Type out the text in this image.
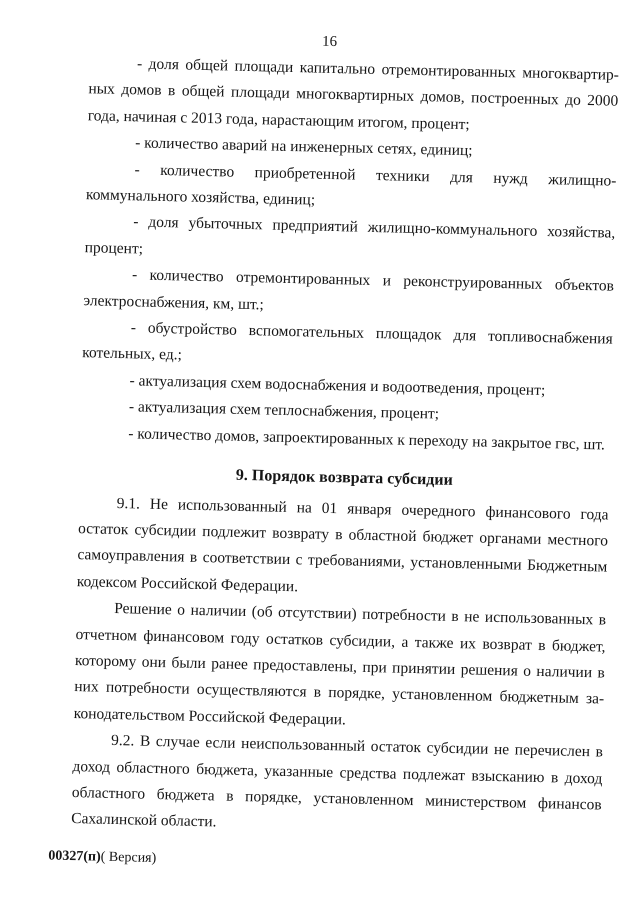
16

- доля общей площади капитально отремонтированных многоквартирных домов в общей площади многоквартирных домов, построенных до 2000 года, начиная с 2013 года, нарастающим итогом, процент;

- количество аварий на инженерных сетях, единиц;

- количество приобретенной техники для нужд жилищно-коммунального хозяйства, единиц;

- доля убыточных предприятий жилищно-коммунального хозяйства, процент;

- количество отремонтированных и реконструированных объектов электроснабжения, км, шт.;

- обустройство вспомогательных площадок для топливоснабжения котельных, ед.;

- актуализация схем водоснабжения и водоотведения, процент;

- актуализация схем теплоснабжения, процент;

- количество домов, запроектированных к переходу на закрытое гвс, шт.

9. Порядок возврата субсидии

9.1. Не использованный на 01 января очередного финансового года остаток субсидии подлежит возврату в областной бюджет органами местного самоуправления в соответствии с требованиями, установленными Бюджетным кодексом Российской Федерации.

Решение о наличии (об отсутствии) потребности в не использованных в отчетном финансовом году остатков субсидии, а также их возврат в бюджет, которому они были ранее предоставлены, при принятии решения о наличии в них потребности осуществляются в порядке, установленном бюджетным законодательством Российской Федерации.

9.2. В случае если неиспользованный остаток субсидии не перечислен в доход областного бюджета, указанные средства подлежат взысканию в доход областного бюджета в порядке, установленном министерством финансов Сахалинской области.

00327(п)( Версия)
